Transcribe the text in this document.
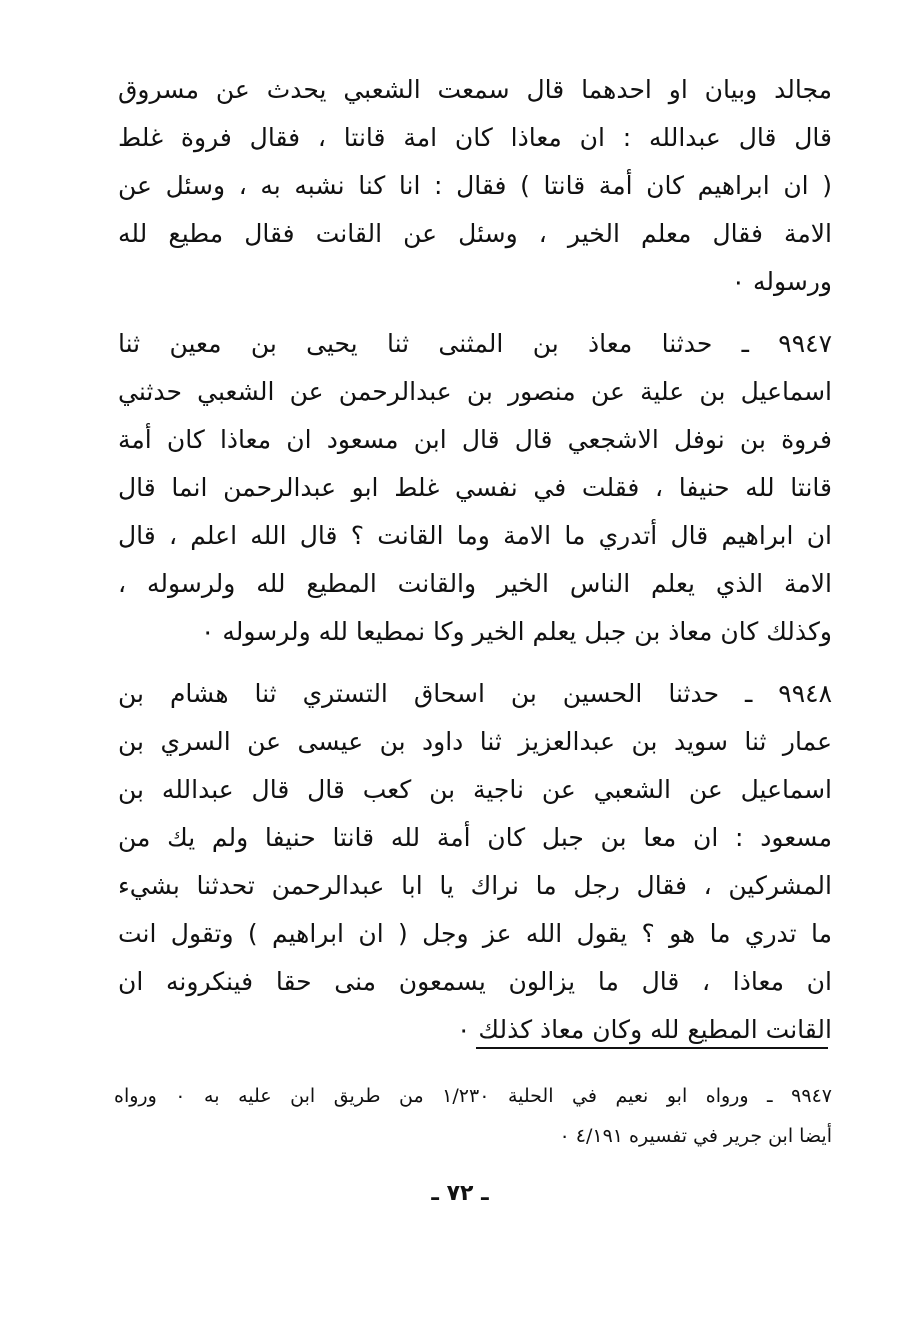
مجالد وبيان او احدهما قال سمعت الشعبي يحدث عن مسروق
قال قال عبدالله : ان معاذا كان امة قانتا ، فقال فروة غلط
( ان ابراهيم كان أمة قانتا ) فقال : انا كنا نشبه به ، وسئل عن
الامة فقال معلم الخير ، وسئل عن القانت فقال مطيع لله
ورسوله ٠
٩٩٤٧ ـ حدثنا معاذ بن المثنى ثنا يحيى بن معين ثنا
اسماعيل بن علية عن منصور بن عبدالرحمن عن الشعبي حدثني
فروة بن نوفل الاشجعي قال قال ابن مسعود ان معاذا كان أمة
قانتا لله حنيفا ، فقلت في نفسي غلط ابو عبدالرحمن انما قال
ان ابراهيم قال أتدري ما الامة وما القانت ؟ قال الله اعلم ، قال
الامة الذي يعلم الناس الخير والقانت المطيع لله ولرسوله ،
وكذلك كان معاذ بن جبل يعلم الخير وكا نمطيعا لله ولرسوله ٠
٩٩٤٨ ـ حدثنا الحسين بن اسحاق التستري ثنا هشام بن
عمار ثنا سويد بن عبدالعزيز ثنا داود بن عيسى عن السري بن
اسماعيل عن الشعبي عن ناجية بن كعب قال قال عبدالله بن
مسعود : ان معا بن جبل كان أمة لله قانتا حنيفا ولم يك من
المشركين ، فقال رجل ما نراك يا ابا عبدالرحمن تحدثنا بشيء
ما تدري ما هو ؟ يقول الله عز وجل ( ان ابراهيم ) وتقول انت
ان معاذا ، قال ما يزالون يسمعون منى حقا فينكرونه ان
القانت المطيع لله وكان معاذ كذلك ٠
٩٩٤٧ ـ ورواه ابو نعيم في الحلية ١/٢٣٠ من طريق ابن عليه به ٠ ورواه
أيضا ابن جرير في تفسيره ٤/١٩١ ٠
ـ ٧٢ ـ
